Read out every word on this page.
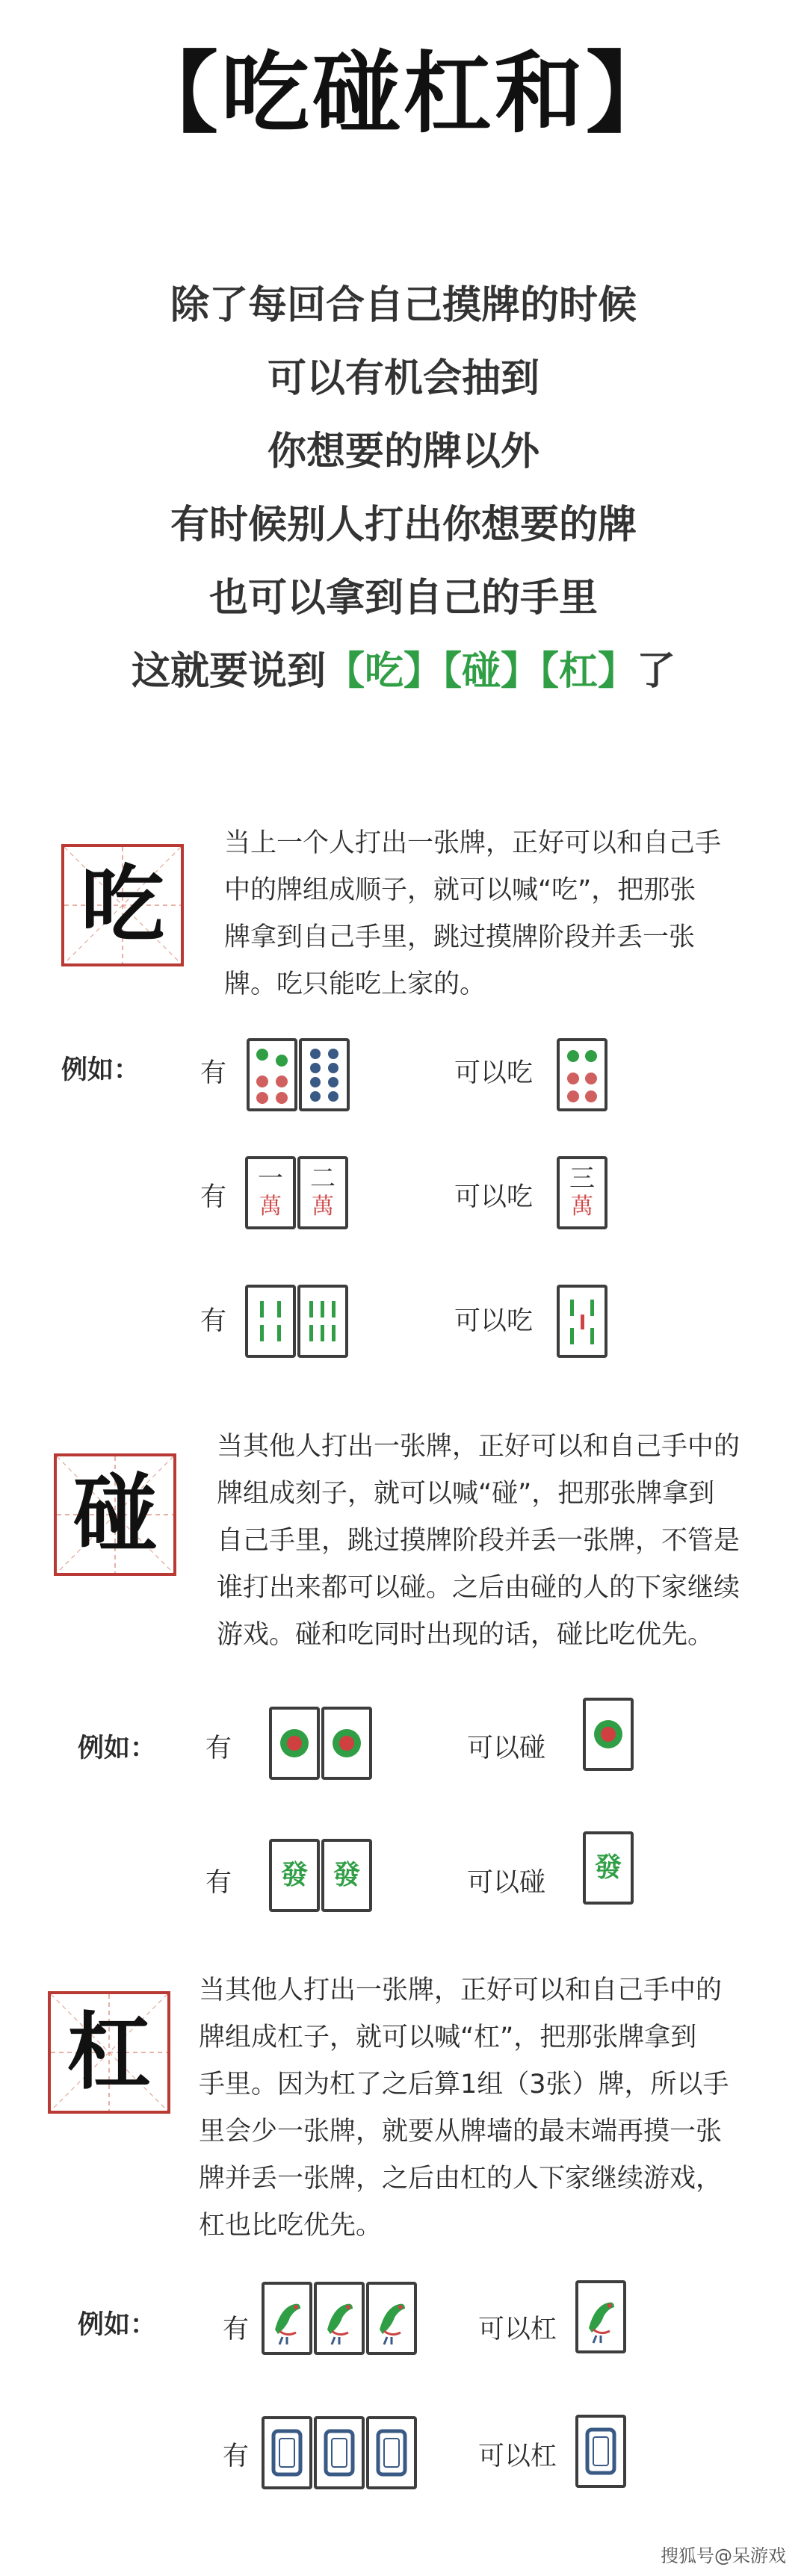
【吃碰杠和】
除了每回合自己摸牌的时候
可以有机会抽到
你想要的牌以外
有时候别人打出你想要的牌
也可以拿到自己的手里
这就要说到【吃】【碰】【杠】了
吃
当上一个人打出一张牌，正好可以和自己手
中的牌组成顺子，就可以喊“吃”，把那张
牌拿到自己手里，跳过摸牌阶段并丢一张
牌。吃只能吃上家的。
例如： 有	可以吃
有
一
萬
二
萬	可以吃
三
萬
有	可以吃
碰
当其他人打出一张牌，正好可以和自己手中的
牌组成刻子，就可以喊“碰”，把那张牌拿到
自己手里，跳过摸牌阶段并丢一张牌，不管是
谁打出来都可以碰。之后由碰的人的下家继续
游戏。碰和吃同时出现的话，碰比吃优先。
例如： 有	可以碰
有	發 發	可以碰	發
杠
当其他人打出一张牌，正好可以和自己手中的
牌组成杠子，就可以喊“杠”，把那张牌拿到
手里。因为杠了之后算1组（3张）牌，所以手
里会少一张牌，就要从牌墙的最末端再摸一张
牌并丢一张牌，之后由杠的人下家继续游戏，
杠也比吃优先。
例如：	有	可以杠
有	可以杠
搜狐号@呆游戏
